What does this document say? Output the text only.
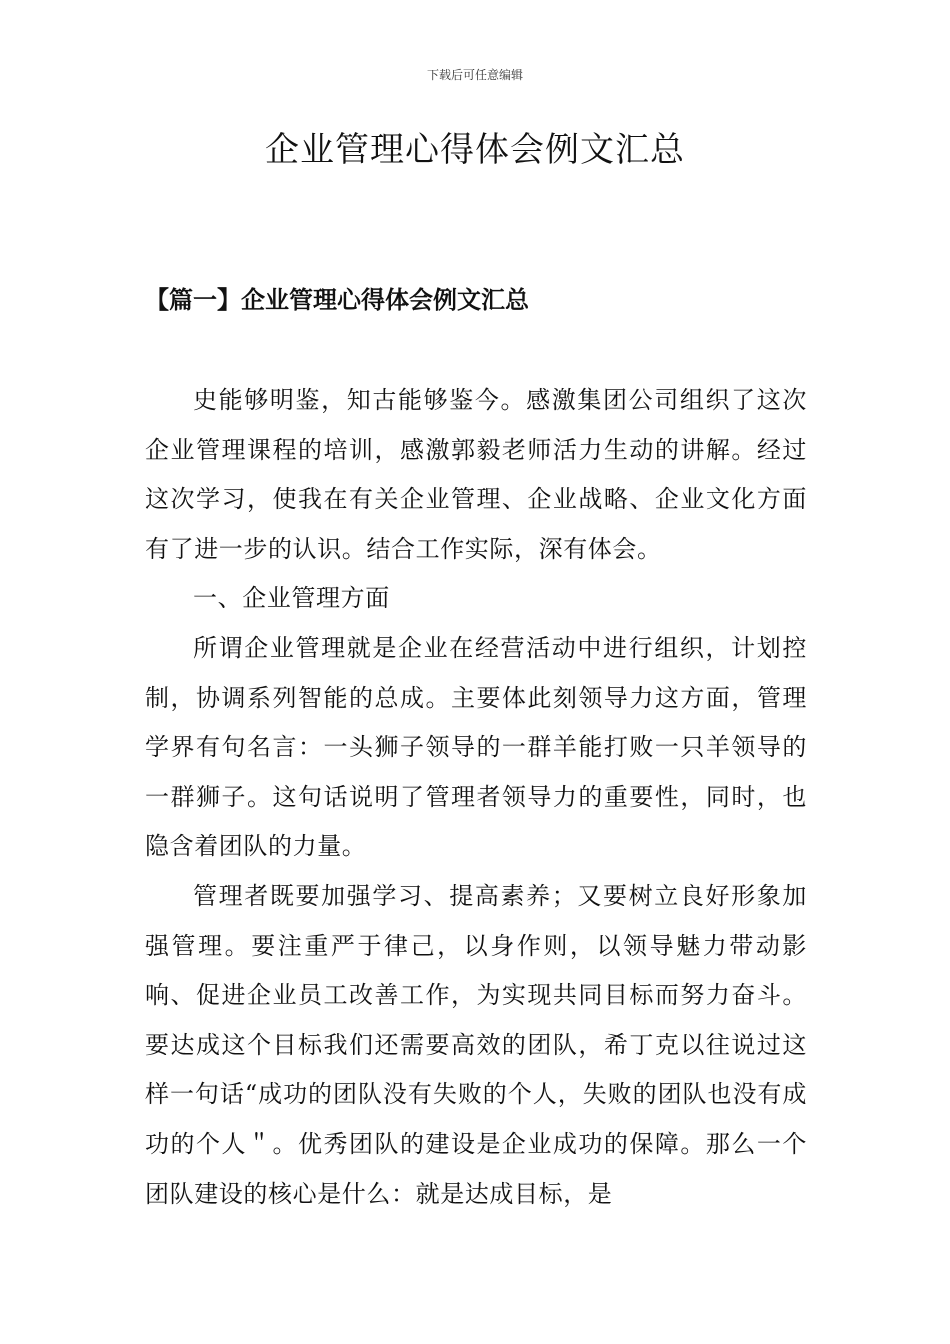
下载后可任意编辑
企业管理心得体会例文汇总
【篇一】企业管理心得体会例文汇总

史能够明鉴，知古能够鉴今。感激集团公司组织了这次企业管理课程的培训，感激郭毅老师活力生动的讲解。经过这次学习，使我在有关企业管理、企业战略、企业文化方面有了进一步的认识。结合工作实际，深有体会。

一、企业管理方面

所谓企业管理就是企业在经营活动中进行组织，计划控制，协调系列智能的总成。主要体此刻领导力这方面，管理学界有句名言：一头狮子领导的一群羊能打败一只羊领导的一群狮子。这句话说明了管理者领导力的重要性，同时，也隐含着团队的力量。

管理者既要加强学习、提高素养；又要树立良好形象加强管理。要注重严于律己，以身作则，以领导魅力带动影响、促进企业员工改善工作，为实现共同目标而努力奋斗。要达成这个目标我们还需要高效的团队，希丁克以往说过这样一句话“成功的团队没有失败的个人，失败的团队也没有成功的个人＂。优秀团队的建设是企业成功的保障。那么一个团队建设的核心是什么：就是达成目标，是
